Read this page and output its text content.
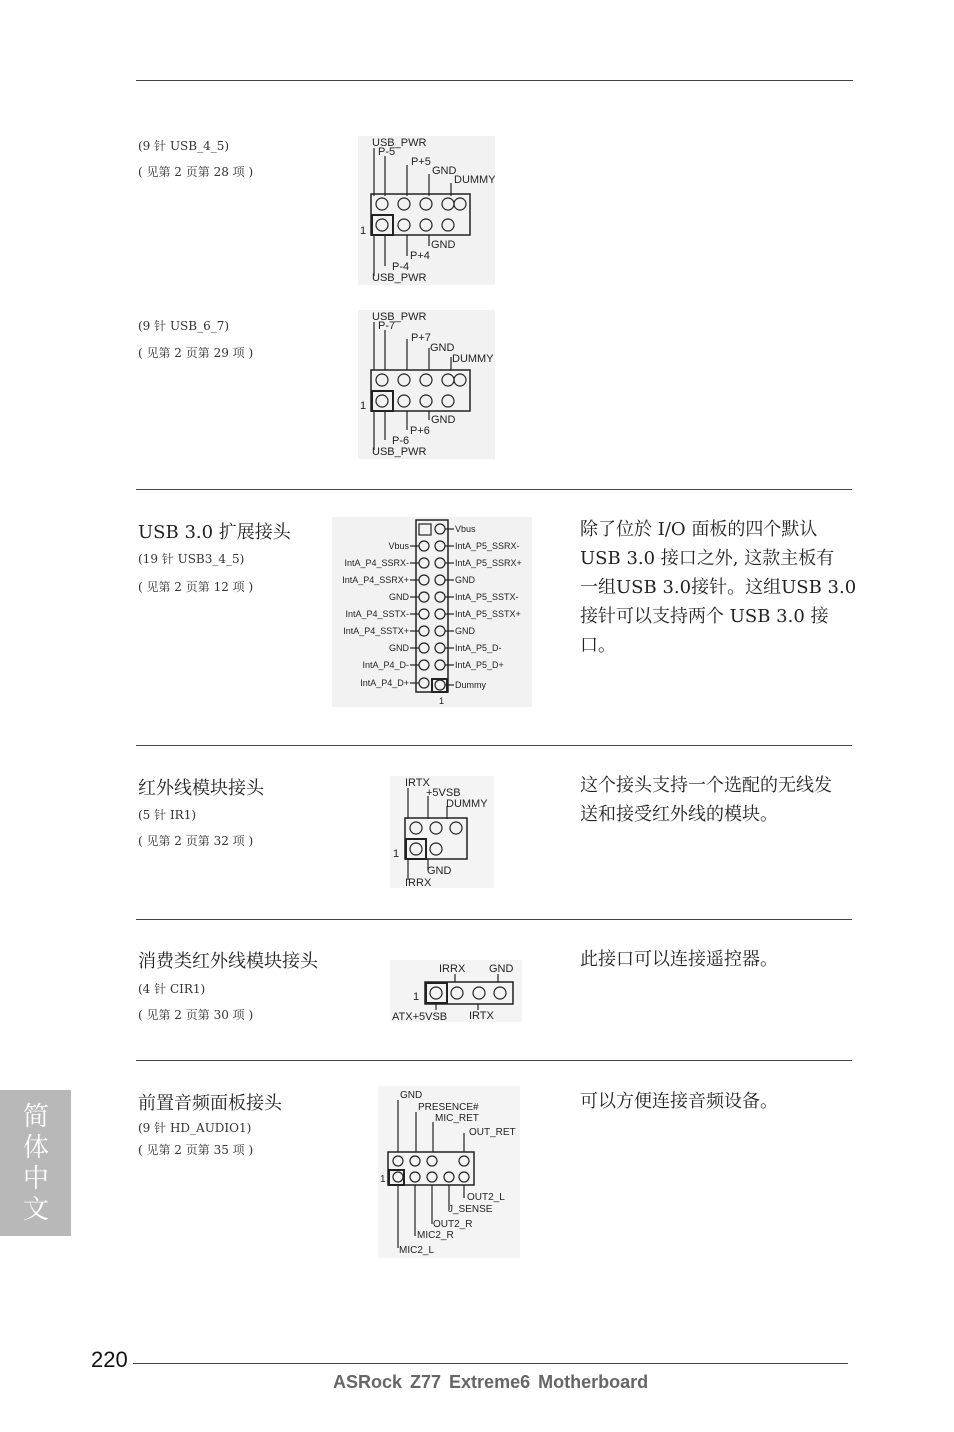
(9 针 USB_4_5)
( 见第 2 页第 28 项 )
USB_PWR
P-5
P+5
GND
DUMMY
1
GND
P+4
P-4
USB_PWR
(9 针 USB_6_7)
( 见第 2 页第 29 项 )
USB_PWR
P-7
P+7
GND
DUMMY
1
GND
P+6
P-6
USB_PWR
USB 3.0 扩展接头
(19 针 USB3_4_5)
( 见第 2 页第 12 项 )
Vbus
IntA_P4_SSRX-
IntA_P4_SSRX+
GND
IntA_P4_SSTX-
IntA_P4_SSTX+
GND
IntA_P4_D-
IntA_P4_D+
Vbus
IntA_P5_SSRX-
IntA_P5_SSRX+
GND
IntA_P5_SSTX-
IntA_P5_SSTX+
GND
IntA_P5_D-
IntA_P5_D+
Dummy
1
除了位於 I/O 面板的四个默认
USB 3.0 接口之外, 这款主板有
一组USB 3.0接针。这组USB 3.0
接针可以支持两个 USB 3.0 接
口。
红外线模块接头
(5 针 IR1)
( 见第 2 页第 32 项 )
IRTX
+5VSB
DUMMY
1
GND
IRRX
这个接头支持一个选配的无线发
送和接受红外线的模块。
消费类红外线模块接头
(4 针 CIR1)
( 见第 2 页第 30 项 )
IRRX GND
1
ATX+5VSB IRTX
此接口可以连接遥控器。
前置音频面板接头
(9 针 HD_AUDIO1)
( 见第 2 页第 35 项 )
GND
PRESENCE#
MIC_RET
OUT_RET
1
OUT2_L
J_SENSE
OUT2_R
MIC2_R
MIC2_L
可以方便连接音频设备。
简体中文
220
ASRock Z77 Extreme6 Motherboard
